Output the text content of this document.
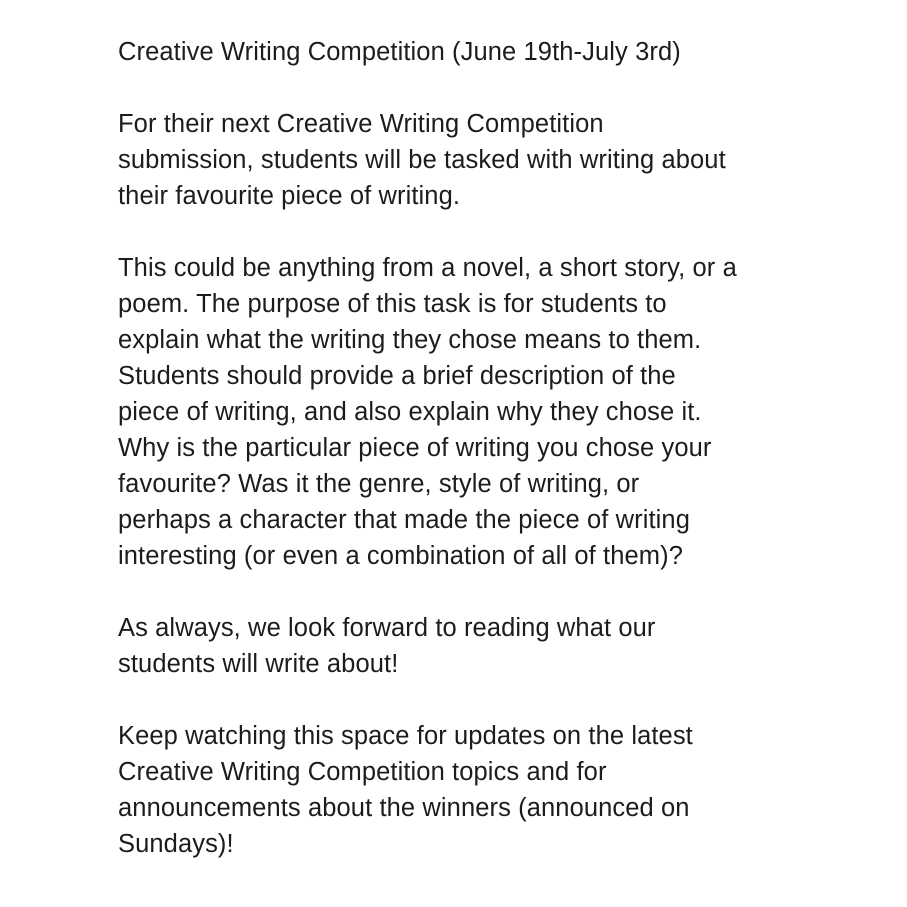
Creative Writing Competition (June 19th-July 3rd)
For their next Creative Writing Competition
submission, students will be tasked with writing about
their favourite piece of writing.
This could be anything from a novel, a short story, or a
poem. The purpose of this task is for students to
explain what the writing they chose means to them.
Students should provide a brief description of the
piece of writing, and also explain why they chose it.
Why is the particular piece of writing you chose your
favourite? Was it the genre, style of writing, or
perhaps a character that made the piece of writing
interesting (or even a combination of all of them)?
As always, we look forward to reading what our
students will write about!
Keep watching this space for updates on the latest
Creative Writing Competition topics and for
announcements about the winners (announced on
Sundays)!
